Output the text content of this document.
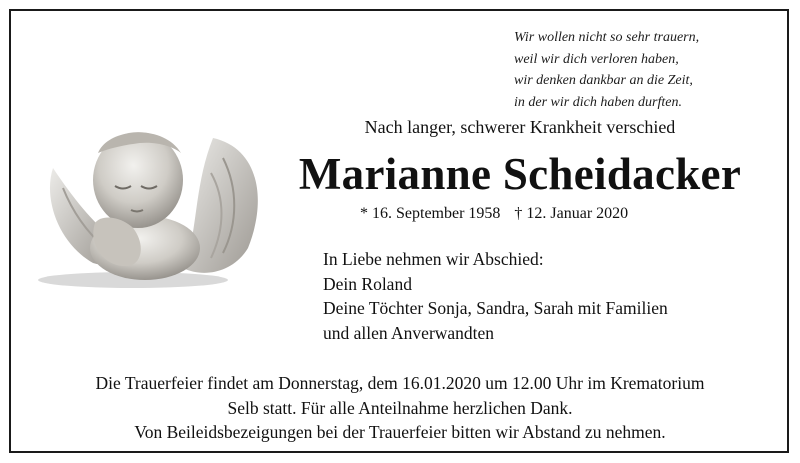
Wir wollen nicht so sehr trauern,
weil wir dich verloren haben,
wir denken dankbar an die Zeit,
in der wir dich haben durften.
Nach langer, schwerer Krankheit verschied
Marianne Scheidacker
* 16. September 1958 † 12. Januar 2020
In Liebe nehmen wir Abschied:
Dein Roland
Deine Töchter Sonja, Sandra, Sarah mit Familien
und allen Anverwandten
Die Trauerfeier findet am Donnerstag, dem 16.01.2020 um 12.00 Uhr im Krematorium
Selb statt. Für alle Anteilnahme herzlichen Dank.
Von Beileidsbezeigungen bei der Trauerfeier bitten wir Abstand zu nehmen.
